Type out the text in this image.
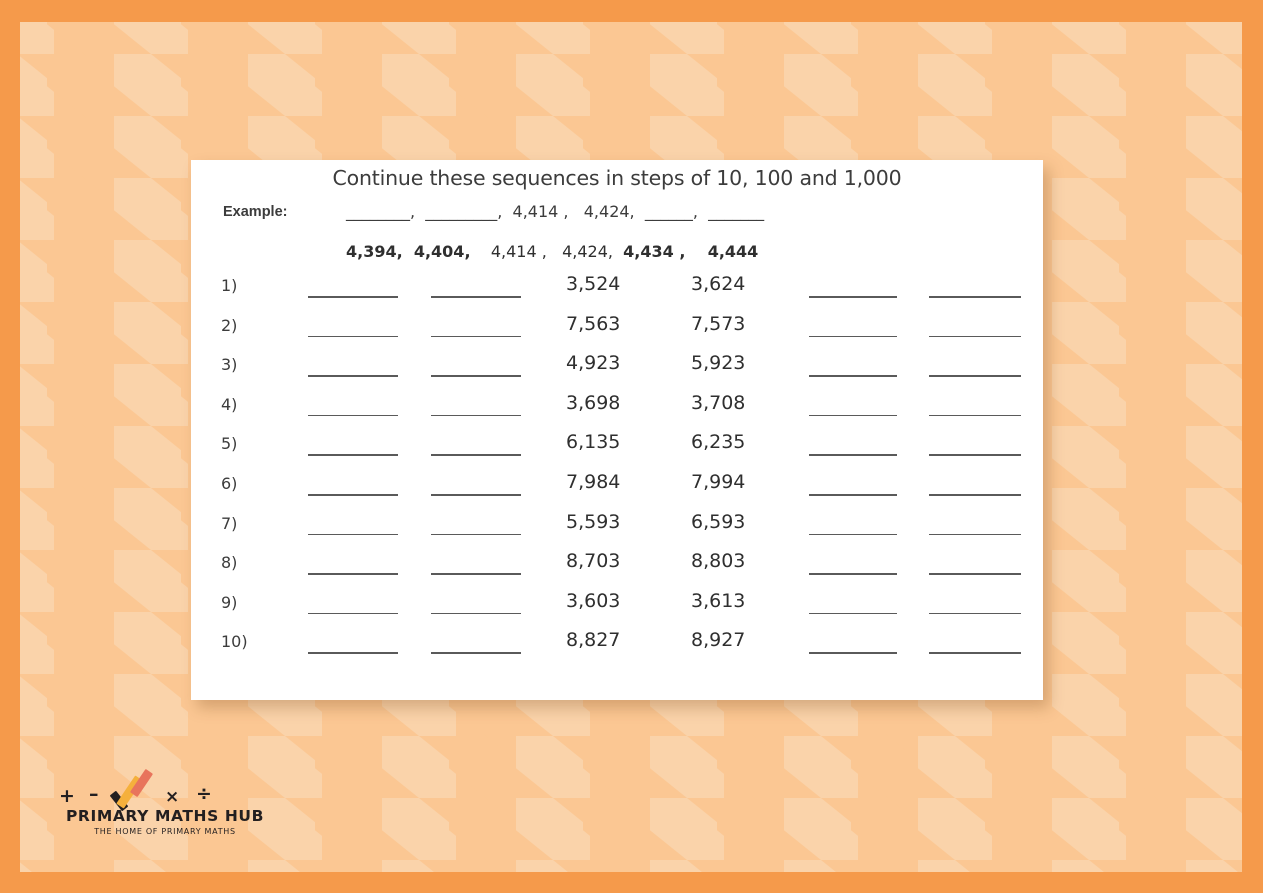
Continue these sequences in steps of 10, 100 and 1,000
Example:	________,  _________,  4,414 ,   4,424,  ______,  _______
4,394,  4,404,    4,414 ,   4,424,  4,434 ,    4,444
1)	3,524	3,624
2)	7,563	7,573
3)	4,923	5,923
4)	3,698	3,708
5)	6,135	6,235
6)	7,984	7,994
7)	5,593	6,593
8)	8,703	8,803
9)	3,603	3,613
10)	8,827	8,927
+ –	× ÷
PRIMARY MATHS HUB
THE HOME OF PRIMARY MATHS
